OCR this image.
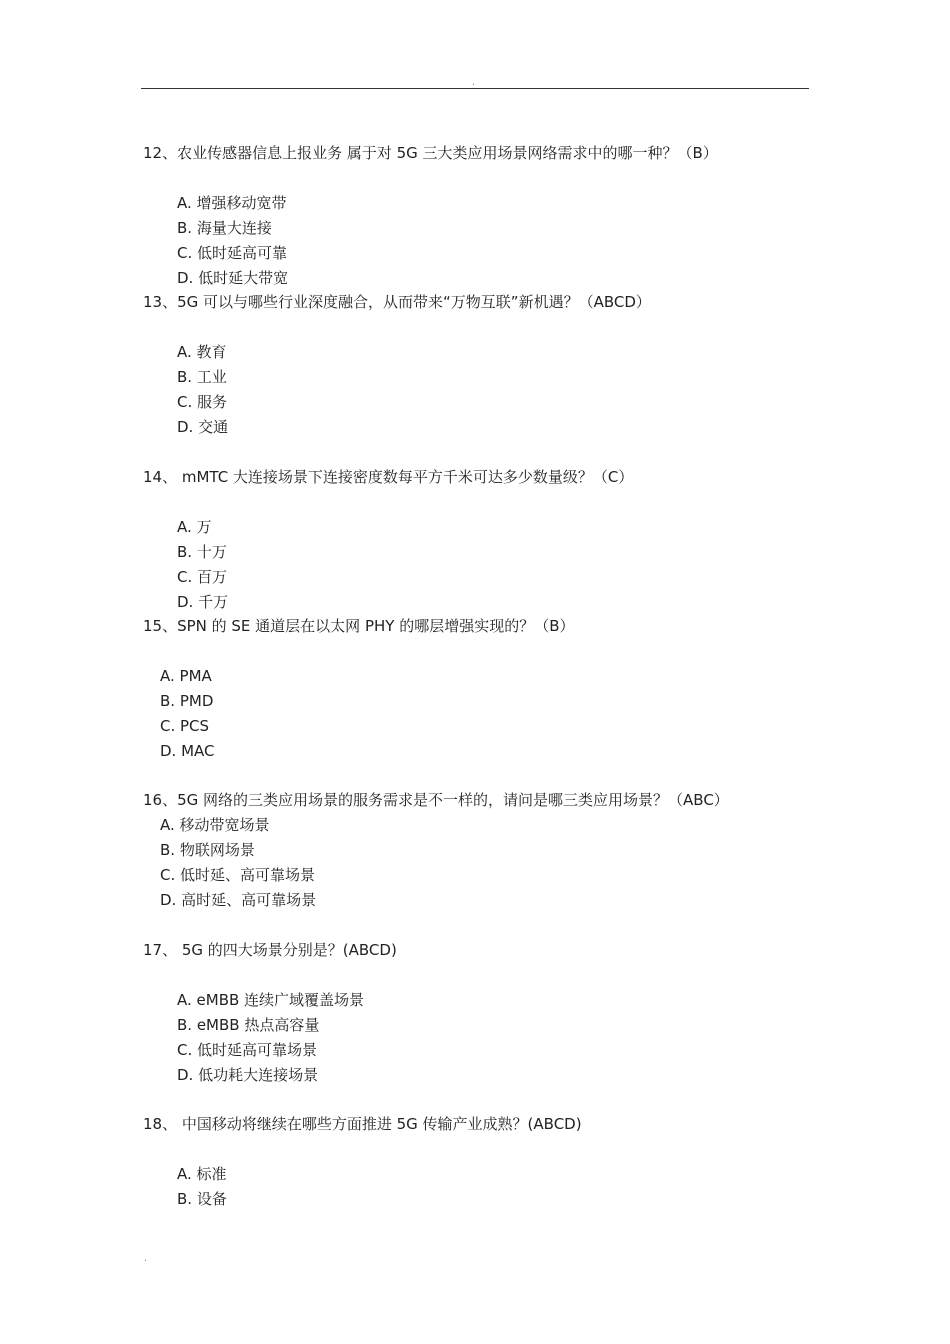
.
12、农业传感器信息上报业务 属于对 5G 三大类应用场景网络需求中的哪一种？（B）
A. 增强移动宽带
B. 海量大连接
C. 低时延高可靠
D. 低时延大带宽
13、5G 可以与哪些行业深度融合，从而带来“万物互联”新机遇？（ABCD）
A. 教育
B. 工业
C. 服务
D. 交通
14、 mMTC 大连接场景下连接密度数每平方千米可达多少数量级？（C）
A. 万
B. 十万
C. 百万
D. 千万
15、SPN 的 SE 通道层在以太网 PHY 的哪层增强实现的？（B）
A. PMA
B. PMD
C. PCS
D. MAC
16、5G 网络的三类应用场景的服务需求是不一样的，请问是哪三类应用场景？（ABC）
A. 移动带宽场景
B. 物联网场景
C. 低时延、高可靠场景
D. 高时延、高可靠场景
17、 5G 的四大场景分别是？(ABCD)
A. eMBB 连续广域覆盖场景
B. eMBB 热点高容量
C. 低时延高可靠场景
D. 低功耗大连接场景
18、 中国移动将继续在哪些方面推进 5G 传输产业成熟？(ABCD)
A. 标准
B. 设备
.
